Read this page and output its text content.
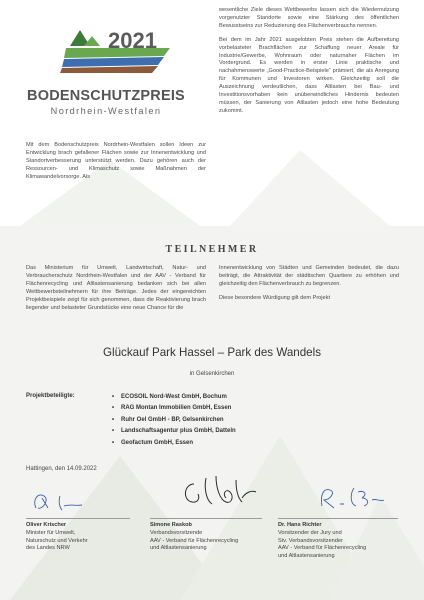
2021
BODENSCHUTZPREIS
Nordrhein-Westfalen

Mit dem Bodenschutzpreis Nordrhein-Westfalen sollen Ideen zur Entwicklung brach gefallener Flächen sowie zur Innenentwicklung und Standortverbesserung unterstützt werden. Dazu gehören auch der Ressourcen- und Klimaschutz sowie Maßnahmen der Klimawandelvorsorge. Als

wesentliche Ziele dieses Wettbewerbs lassen sich die Wiedernutzung vorgenutzter Standorte sowie eine Stärkung des öffentlichen Bewusstseins zur Reduzierung des Flächenverbrauchs nennen.

Bei dem im Jahr 2021 ausgelobten Preis stehen die Aufbereitung vorbelasteter Brachflächen zur Schaffung neuer Areale für Industrie/Gewerbe, Wohnraum oder naturnaher Flächen im Vordergrund. Es werden in erster Linie praktische und nachahmenswerte „Good-Practice-Beispiele“ prämiert, die als Anregung für Kommunen und Investoren wirken. Gleichzeitig soll die Auszeichnung verdeutlichen, dass Altlasten bei Bau- und Investitionsvorhaben kein unüberwindliches Hindernis bedeuten müssen, der Sanierung von Altlasten jedoch eine hohe Bedeutung zukommt.

TEILNEHMER

Das Ministerium für Umwelt, Landwirtschaft, Natur- und Verbraucherschutz Nordrhein-Westfalen und der AAV - Verband für Flächenrecycling und Altlastensanierung bedanken sich bei allen Wettbewerbsteilnehmern für ihre Beiträge. Jedes der eingereichten Projektbeispiele zeigt für sich genommen, dass die Reaktivierung brach liegender und belasteter Grundstücke eine neue Chance für die

Innenentwicklung von Städten und Gemeinden bedeutet, die dazu beiträgt, die Attraktivität der städtischen Quartiere zu erhöhen und gleichzeitig den Flächenverbrauch zu begrenzen.

Diese besondere Würdigung gilt dem Projekt

Glückauf Park Hassel – Park des Wandels
in Gelsenkirchen
Projektbeteiligte:
•	ECOSOIL Nord-West GmbH, Bochum
• RAG Montan Immobilien GmbH, Essen
• Ruhr Oel GmbH - BP, Gelsenkirchen
• Landschaftsagentur plus GmbH, Datteln
• Geofactum GmbH, Essen
Hattingen, den 14.09.2022
Oliver Krischer
Minister für Umwelt,
Naturschutz und Verkehr
des Landes NRW
Simone Raskob
Verbandsvorsitzende
AAV - Verband für Flächenrecycling
und Altlastensanierung
Dr. Hans Richter
Vorsitzender der Jury und
Stv. Verbandsvorsitzender
AAV - Verband für Flächenrecycling
und Altlastensanierung
